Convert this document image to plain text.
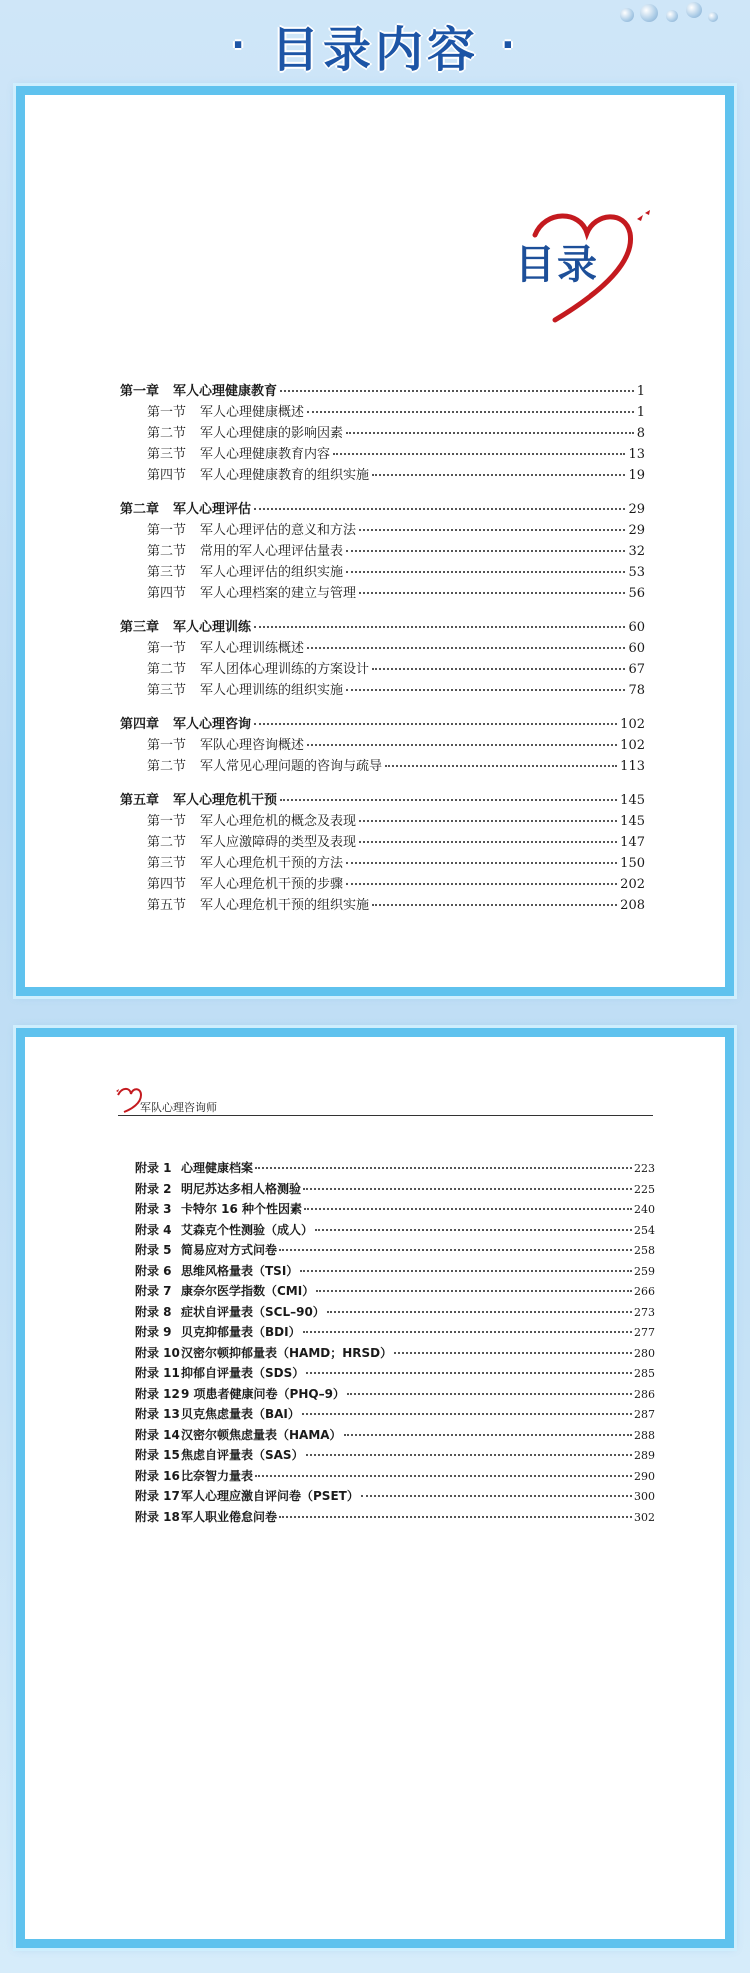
· 目录内容 ·
目录
第一章 军人心理健康教育	1
第一节 军人心理健康概述	1
第二节 军人心理健康的影响因素	8
第三节 军人心理健康教育内容	13
第四节 军人心理健康教育的组织实施	19
第二章 军人心理评估	29
第一节 军人心理评估的意义和方法	29
第二节 常用的军人心理评估量表	32
第三节 军人心理评估的组织实施	53
第四节 军人心理档案的建立与管理	56
第三章 军人心理训练	60
第一节 军人心理训练概述	60
第二节 军人团体心理训练的方案设计	67
第三节 军人心理训练的组织实施	78
第四章 军人心理咨询	102
第一节 军队心理咨询概述	102
第二节 军人常见心理问题的咨询与疏导	113
第五章 军人心理危机干预	145
第一节 军人心理危机的概念及表现	145
第二节 军人应激障碍的类型及表现	147
第三节 军人心理危机干预的方法	150
第四节 军人心理危机干预的步骤	202
第五节 军人心理危机干预的组织实施	208
军队心理咨询师
附录 1 心理健康档案	223
附录 2 明尼苏达多相人格测验	225
附录 3 卡特尔 16 种个性因素	240
附录 4 艾森克个性测验（成人）	254
附录 5 简易应对方式问卷	258
附录 6 思维风格量表（TSI）	259
附录 7 康奈尔医学指数（CMI）	266
附录 8 症状自评量表（SCL–90）	273
附录 9 贝克抑郁量表（BDI）	277
附录 10 汉密尔顿抑郁量表（HAMD；HRSD）	280
附录 11 抑郁自评量表（SDS）	285
附录 12 9 项患者健康问卷（PHQ–9）	286
附录 13 贝克焦虑量表（BAI）	287
附录 14 汉密尔顿焦虑量表（HAMA）	288
附录 15 焦虑自评量表（SAS）	289
附录 16 比奈智力量表	290
附录 17 军人心理应激自评问卷（PSET）	300
附录 18 军人职业倦怠问卷	302
